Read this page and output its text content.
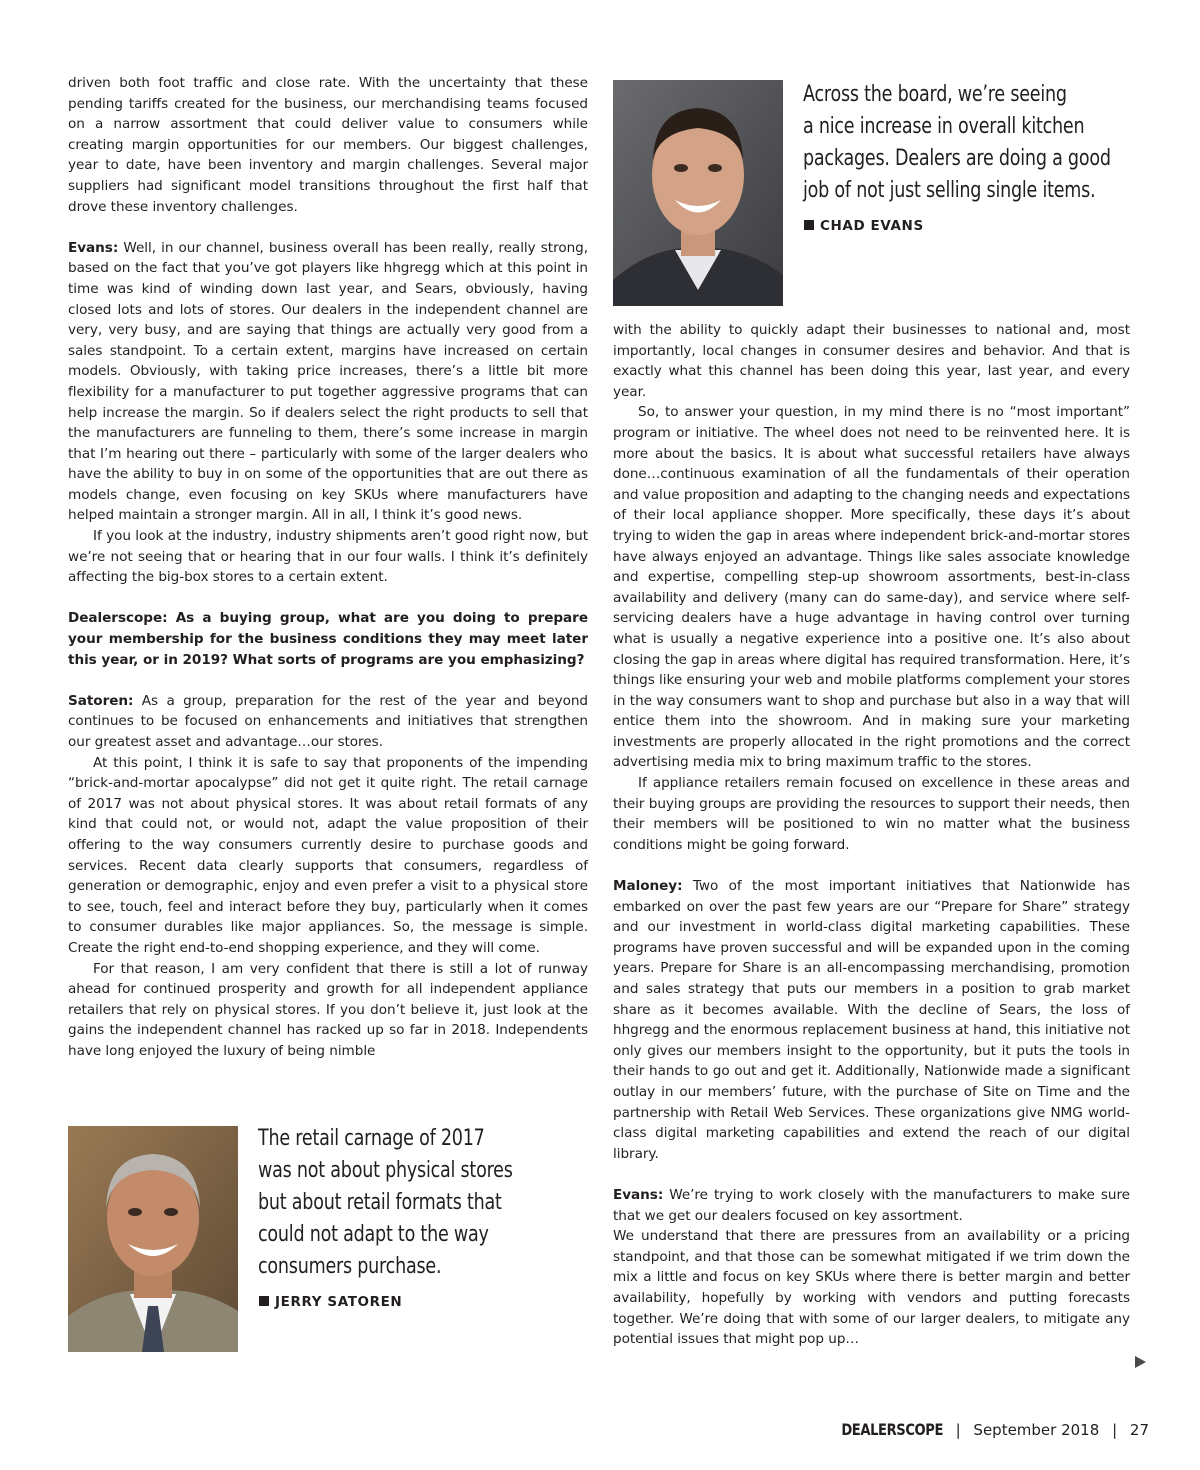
driven both foot traffic and close rate. With the uncertainty that these pending tariffs created for the business, our merchandising teams focused on a narrow assortment that could deliver value to consumers while creating margin opportunities for our members. Our biggest challenges, year to date, have been inventory and margin challenges. Several major suppliers had significant model transitions throughout the first half that drove these inventory challenges.

Evans: Well, in our channel, business overall has been really, really strong, based on the fact that you’ve got players like hhgregg which at this point in time was kind of winding down last year, and Sears, obviously, having closed lots and lots of stores. Our dealers in the independent channel are very, very busy, and are saying that things are actually very good from a sales standpoint. To a certain extent, margins have increased on certain models. Obviously, with taking price increases, there’s a little bit more flexibility for a manufacturer to put together aggressive programs that can help increase the margin. So if dealers select the right products to sell that the manufacturers are funneling to them, there’s some increase in margin that I’m hearing out there – particularly with some of the larger dealers who have the ability to buy in on some of the opportunities that are out there as models change, even focusing on key SKUs where manufacturers have helped maintain a stronger margin. All in all, I think it’s good news.

If you look at the industry, industry shipments aren’t good right now, but we’re not seeing that or hearing that in our four walls. I think it’s definitely affecting the big-box stores to a certain extent.

Dealerscope: As a buying group, what are you doing to prepare your membership for the business conditions they may meet later this year, or in 2019? What sorts of programs are you emphasizing?

Satoren: As a group, preparation for the rest of the year and beyond continues to be focused on enhancements and initiatives that strengthen our greatest asset and advantage…our stores.

At this point, I think it is safe to say that proponents of the impending “brick-and-mortar apocalypse” did not get it quite right. The retail carnage of 2017 was not about physical stores. It was about retail formats of any kind that could not, or would not, adapt the value proposition of their offering to the way consumers currently desire to purchase goods and services. Recent data clearly supports that consumers, regardless of generation or demographic, enjoy and even prefer a visit to a physical store to see, touch, feel and interact before they buy, particularly when it comes to consumer durables like major appliances. So, the message is simple. Create the right end-to-end shopping experience, and they will come.

For that reason, I am very confident that there is still a lot of runway ahead for continued prosperity and growth for all independent appliance retailers that rely on physical stores. If you don’t believe it, just look at the gains the independent channel has racked up so far in 2018. Independents have long enjoyed the luxury of being nimble

Across the board, we’re seeing
a nice increase in overall kitchen
packages. Dealers are doing a good
job of not just selling single items.
CHAD EVANS

with the ability to quickly adapt their businesses to national and, most importantly, local changes in consumer desires and behavior. And that is exactly what this channel has been doing this year, last year, and every year.

So, to answer your question, in my mind there is no “most important” program or initiative. The wheel does not need to be reinvented here. It is more about the basics. It is about what successful retailers have always done…continuous examination of all the fundamentals of their operation and value proposition and adapting to the changing needs and expectations of their local appliance shopper. More specifically, these days it’s about trying to widen the gap in areas where independent brick-and-mortar stores have always enjoyed an advantage. Things like sales associate knowledge and expertise, compelling step-up showroom assortments, best-in-class availability and delivery (many can do same-day), and service where self-servicing dealers have a huge advantage in having control over turning what is usually a negative experience into a positive one. It’s also about closing the gap in areas where digital has required transformation. Here, it’s things like ensuring your web and mobile platforms complement your stores in the way consumers want to shop and purchase but also in a way that will entice them into the showroom. And in making sure your marketing investments are properly allocated in the right promotions and the correct advertising media mix to bring maximum traffic to the stores.

If appliance retailers remain focused on excellence in these areas and their buying groups are providing the resources to support their needs, then their members will be positioned to win no matter what the business conditions might be going forward.

Maloney: Two of the most important initiatives that Nationwide has embarked on over the past few years are our “Prepare for Share” strategy and our investment in world-class digital marketing capabilities. These programs have proven successful and will be expanded upon in the coming years. Prepare for Share is an all-encompassing merchandising, promotion and sales strategy that puts our members in a position to grab market share as it becomes available. With the decline of Sears, the loss of hhgregg and the enormous replacement business at hand, this initiative not only gives our members insight to the opportunity, but it puts the tools in their hands to go out and get it. Additionally, Nationwide made a significant outlay in our members’ future, with the purchase of Site on Time and the partnership with Retail Web Services. These organizations give NMG world-class digital marketing capabilities and extend the reach of our digital library.

Evans: We’re trying to work closely with the manufacturers to make sure that we get our dealers focused on key assortment.

We understand that there are pressures from an availability or a pricing standpoint, and that those can be somewhat mitigated if we trim down the mix a little and focus on key SKUs where there is better margin and better availability, hopefully by working with vendors and putting forecasts together. We’re doing that with some of our larger dealers, to mitigate any potential issues that might pop up…

The retail carnage of 2017
was not about physical stores
but about retail formats that
could not adapt to the way
consumers purchase.
JERRY SATOREN
DEALERSCOPE | September 2018 | 27
